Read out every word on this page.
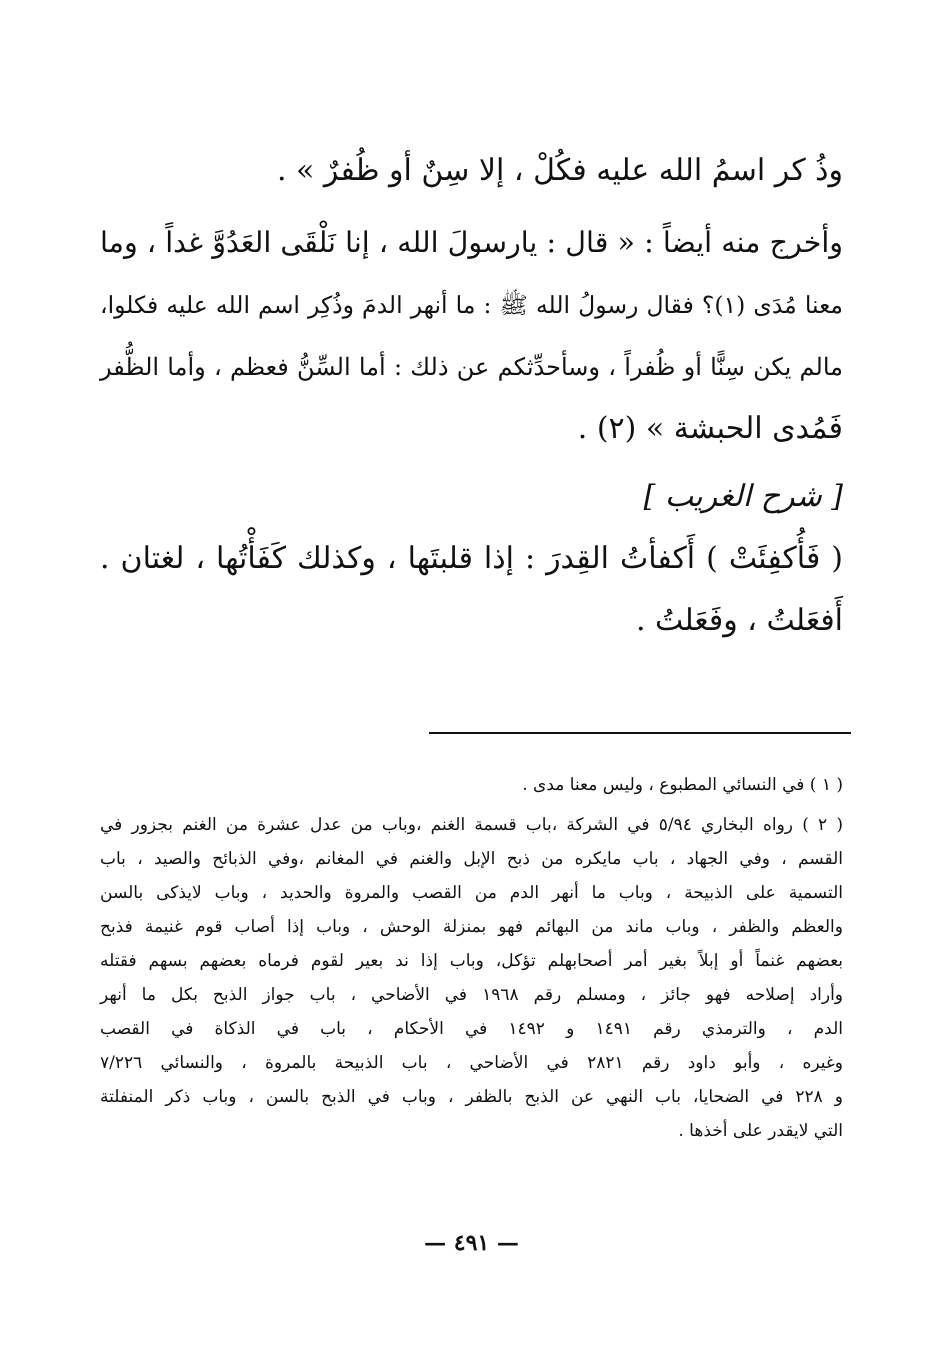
وذُ كر اسمُ الله عليه فكُلْ ، إلا سِنٌ أو ظُفرٌ » .
وأخرج منه أيضاً : « قال : يارسولَ الله ، إنا نَلْقَى العَدُوَّ غداً ، وما
معنا مُدَى (١)؟ فقال رسولُ الله ﷺ : ما أنهر الدمَ وذُكِر اسم الله عليه فكلوا،
مالم يكن سِنًّا أو ظُفراً ، وسأحدِّثكم عن ذلك : أما السِّنُّ فعظم ، وأما الظُّفر
فَمُدى الحبشة » (٢) .
[ شرح الغريب ]
( فَأُكفِئَتْ ) أَكفأتُ القِدرَ : إذا قلبتَها ، وكذلك كَفَأْتُها ، لغتان .
أَفعَلتُ ، وفَعَلتُ .
( ١ ) في النسائي المطبوع ، وليس معنا مدى .
( ٢ ) رواه البخاري ٥/٩٤ في الشركة ،باب قسمة الغنم ،وباب من عدل عشرة من الغنم بجزور في
القسم ، وفي الجهاد ، باب مايكره من ذبح الإبل والغنم في المغانم ،وفي الذبائح والصيد ، باب
التسمية على الذبيحة ، وباب ما أنهر الدم من القصب والمروة والحديد ، وباب لايذكى بالسن
والعظم والظفر ، وباب ماند من البهائم فهو بمنزلة الوحش ، وباب إذا أصاب قوم غنيمة فذبح
بعضهم غنماً أو إبلاً بغير أمر أصحابهلم تؤكل، وباب إذا ند بعير لقوم فرماه بعضهم بسهم فقتله
وأراد إصلاحه فهو جائز ، ومسلم رقم ١٩٦٨ في الأضاحي ، باب جواز الذبح بكل ما أنهر
الدم ، والترمذي رقم ١٤٩١ و ١٤٩٢ في الأحكام ، باب في الذكاة في القصب
وغيره ، وأبو داود رقم ٢٨٢١ في الأضاحي ، باب الذبيحة بالمروة ، والنسائي ٧/٢٢٦
و ٢٢٨ في الضحايا، باب النهي عن الذبح بالظفر ، وباب في الذبح بالسن ، وباب ذكر المنفلتة
التي لايقدر على أخذها .
— ٤٩١ —
